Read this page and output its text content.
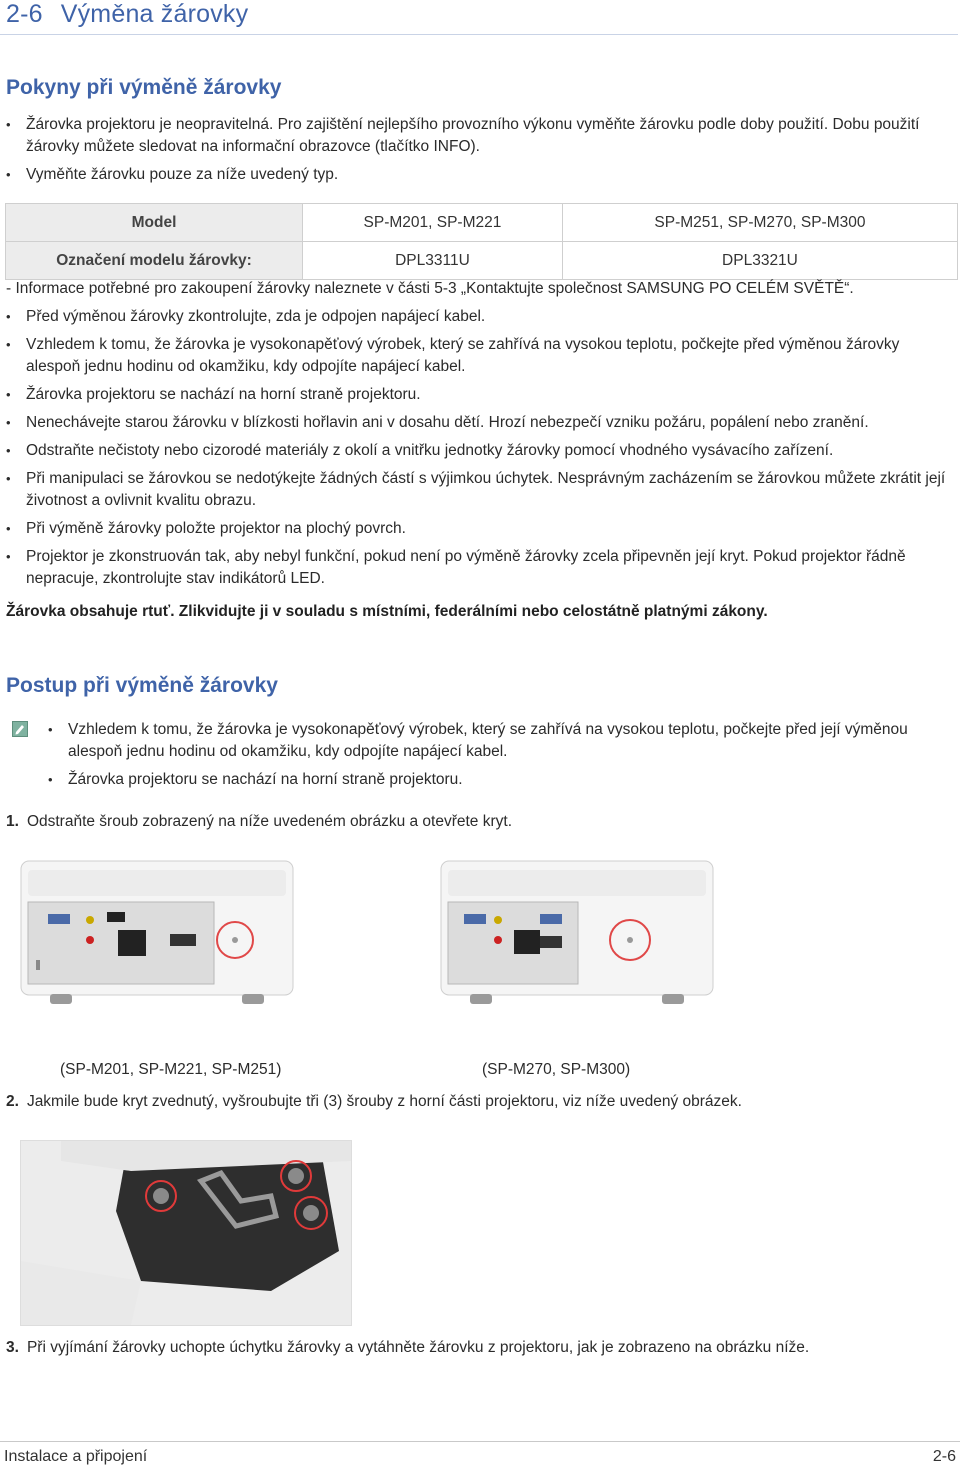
2-6 Výměna žárovky
Pokyny při výměně žárovky
• Žárovka projektoru je neopravitelná. Pro zajištění nejlepšího provozního výkonu vyměňte žárovku podle doby použití. Dobu použití žárovky můžete sledovat na informační obrazovce (tlačítko INFO).
• Vyměňte žárovku pouze za níže uvedený typ.
Model	SP-M201, SP-M221	SP-M251, SP-M270, SP-M300
Označení modelu žárovky:	DPL3311U	DPL3321U
- Informace potřebné pro zakoupení žárovky naleznete v části 5-3 „Kontaktujte společnost SAMSUNG PO CELÉM SVĚTĚ“.
• Před výměnou žárovky zkontrolujte, zda je odpojen napájecí kabel.
• Vzhledem k tomu, že žárovka je vysokonapěťový výrobek, který se zahřívá na vysokou teplotu, počkejte před výměnou žárovky alespoň jednu hodinu od okamžiku, kdy odpojíte napájecí kabel.
• Žárovka projektoru se nachází na horní straně projektoru.
• Nenechávejte starou žárovku v blízkosti hořlavin ani v dosahu dětí. Hrozí nebezpečí vzniku požáru, popálení nebo zranění.
• Odstraňte nečistoty nebo cizorodé materiály z okolí a vnitřku jednotky žárovky pomocí vhodného vysávacího zařízení.
• Při manipulaci se žárovkou se nedotýkejte žádných částí s výjimkou úchytek. Nesprávným zacházením se žárovkou můžete zkrátit její životnost a ovlivnit kvalitu obrazu.
• Při výměně žárovky položte projektor na plochý povrch.
• Projektor je zkonstruován tak, aby nebyl funkční, pokud není po výměně žárovky zcela připevněn její kryt. Pokud projektor řádně nepracuje, zkontrolujte stav indikátorů LED.
Žárovka obsahuje rtuť. Zlikvidujte ji v souladu s místními, federálními nebo celostátně platnými zákony.
Postup při výměně žárovky
• Vzhledem k tomu, že žárovka je vysokonapěťový výrobek, který se zahřívá na vysokou teplotu, počkejte před její výměnou alespoň jednu hodinu od okamžiku, kdy odpojíte napájecí kabel.
• Žárovka projektoru se nachází na horní straně projektoru.
1. Odstraňte šroub zobrazený na níže uvedeném obrázku a otevřete kryt.
(SP-M201, SP-M221, SP-M251)	(SP-M270, SP-M300)
2. Jakmile bude kryt zvednutý, vyšroubujte tři (3) šrouby z horní části projektoru, viz níže uvedený obrázek.
3. Při vyjímání žárovky uchopte úchytku žárovky a vytáhněte žárovku z projektoru, jak je zobrazeno na obrázku níže.
Instalace a připojení	2-6
